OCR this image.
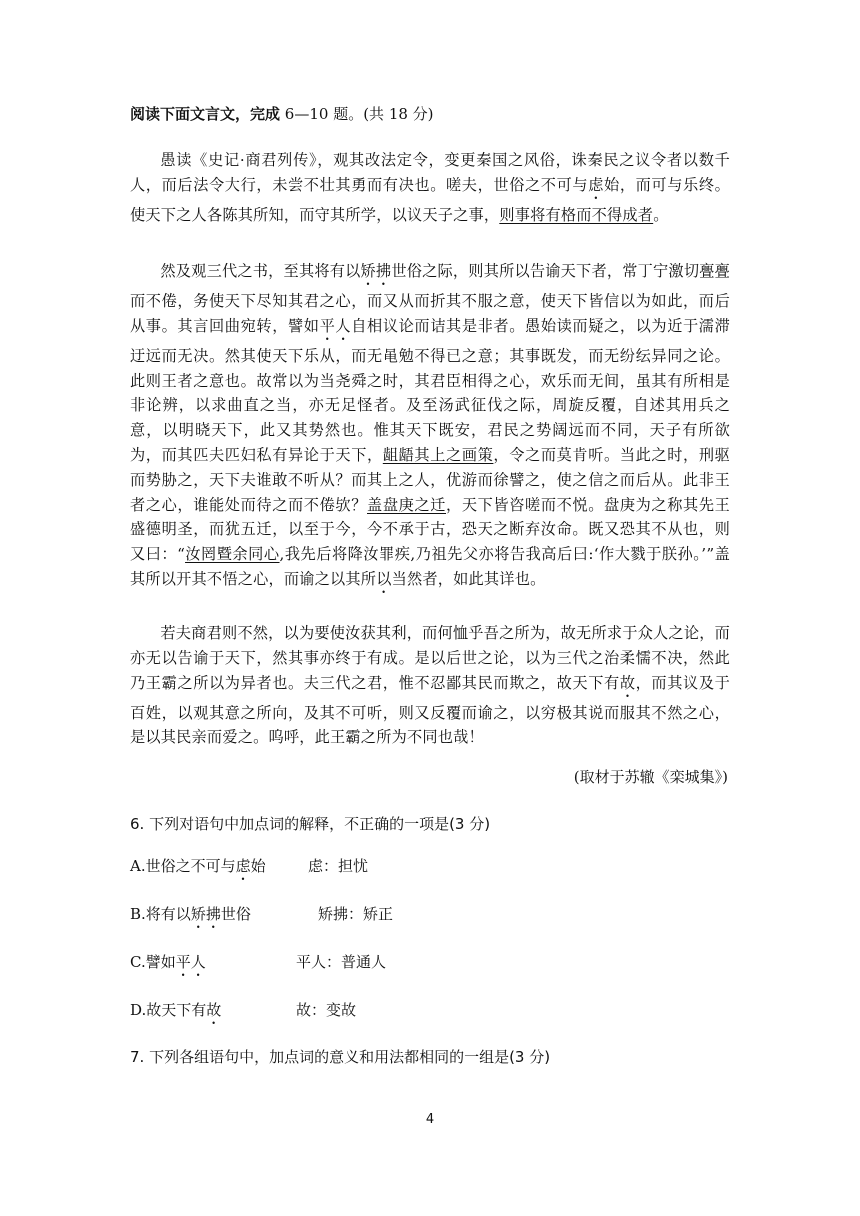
阅读下面文言文，完成 6—10 题。(共 18 分)

愚读《史记·商君列传》，观其改法定令，变更秦国之风俗，诛秦民之议令者以数千人，而后法令大行，未尝不壮其勇而有决也。嗟夫，世俗之不可与虑始，而可与乐终。使天下之人各陈其所知，而守其所学，以议天子之事，则事将有格而不得成者。

然及观三代之书，至其将有以矫拂世俗之际，则其所以告谕天下者，常丁宁激切亹亹而不倦，务使天下尽知其君之心，而又从而折其不服之意，使天下皆信以为如此，而后从事。其言回曲宛转，譬如平人自相议论而诘其是非者。愚始读而疑之，以为近于濡滞迂远而无决。然其使天下乐从，而无黾勉不得已之意；其事既发，而无纷纭异同之论。此则王者之意也。故常以为当尧舜之时，其君臣相得之心，欢乐而无间，虽其有所相是非论辨，以求曲直之当，亦无足怪者。及至汤武征伐之际，周旋反覆，自述其用兵之意，以明晓天下，此又其势然也。惟其天下既安，君民之势阔远而不同，天子有所欲为，而其匹夫匹妇私有异论于天下，龃龉其上之画策，令之而莫肯听。当此之时，刑驱而势胁之，天下夫谁敢不听从？而其上之人，优游而徐譬之，使之信之而后从。此非王者之心，谁能处而待之而不倦欤？盖盘庚之迁，天下皆咨嗟而不悦。盘庚为之称其先王盛德明圣，而犹五迁，以至于今，今不承于古，恐天之断弃汝命。既又恐其不从也，则又曰：“汝罔暨余同心,我先后将降汝罪疾,乃祖先父亦将告我高后曰:‘作大戮于朕孙。’”盖其所以开其不悟之心，而谕之以其所以当然者，如此其详也。

若夫商君则不然，以为要使汝获其利，而何恤乎吾之所为，故无所求于众人之论，而亦无以告谕于天下，然其事亦终于有成。是以后世之论，以为三代之治柔懦不决，然此乃王霸之所以为异者也。夫三代之君，惟不忍鄙其民而欺之，故天下有故，而其议及于百姓，以观其意之所向，及其不可听，则又反覆而谕之，以穷极其说而服其不然之心，是以其民亲而爱之。呜呼，此王霸之所为不同也哉！

(取材于苏辙《栾城集》)
6. 下列对语句中加点词的解释，不正确的一项是(3 分)
A.世俗之不可与虑始	虑：担忧
B.将有以矫拂世俗	矫拂：矫正
C.譬如平人	平人：普通人
D.故天下有故	故：变故
7. 下列各组语句中，加点词的意义和用法都相同的一组是(3 分)
4
